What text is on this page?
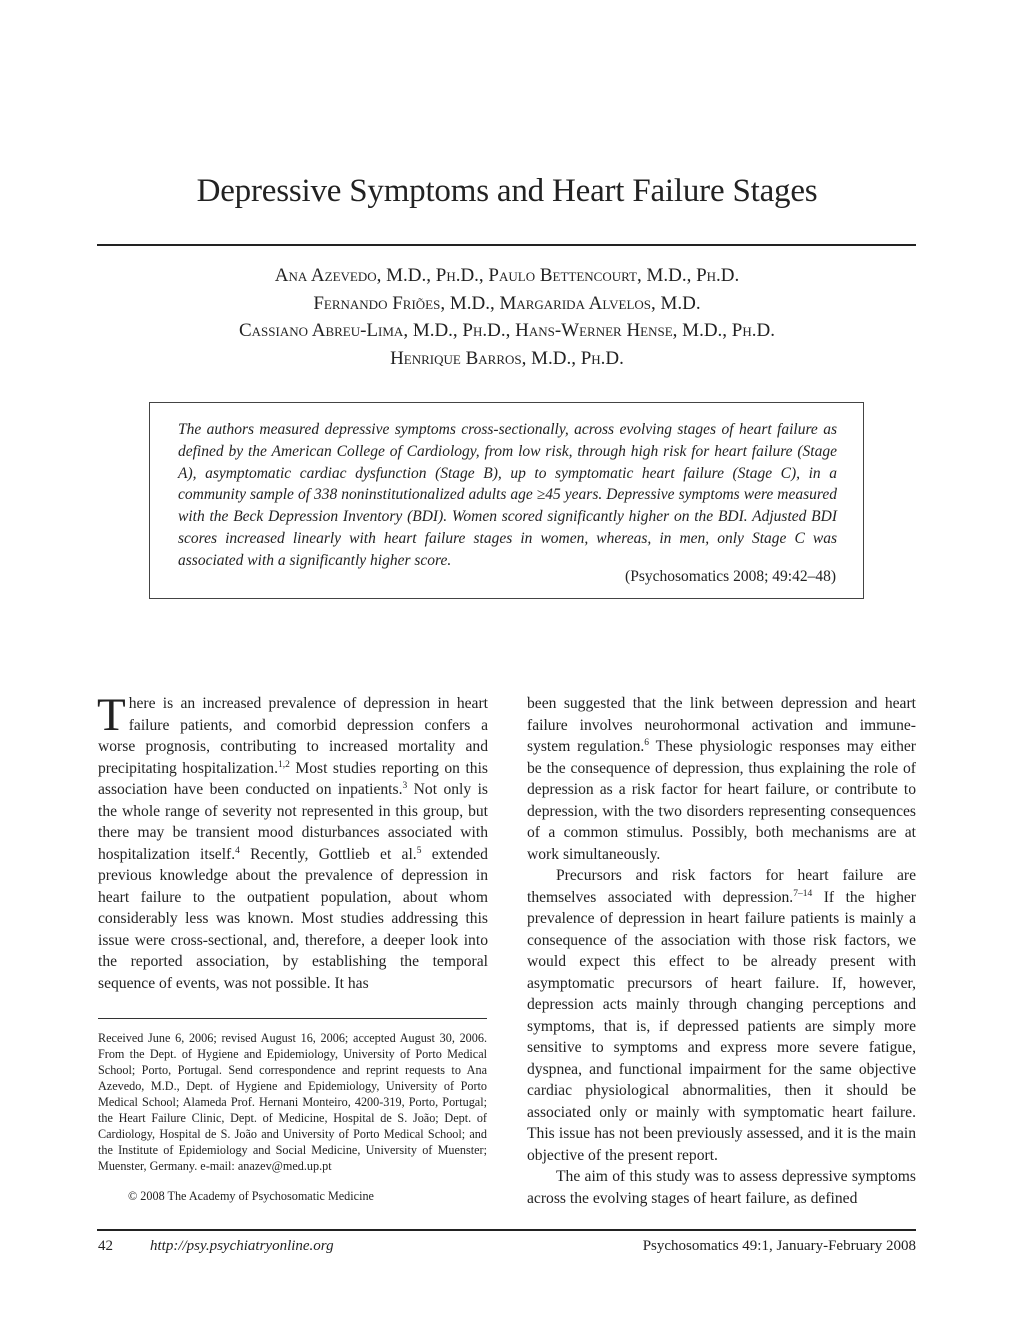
Depressive Symptoms and Heart Failure Stages
Ana Azevedo, M.D., Ph.D., Paulo Bettencourt, M.D., Ph.D.
Fernando Friões, M.D., Margarida Alvelos, M.D.
Cassiano Abreu-Lima, M.D., Ph.D., Hans-Werner Hense, M.D., Ph.D.
Henrique Barros, M.D., Ph.D.
The authors measured depressive symptoms cross-sectionally, across evolving stages of heart failure as defined by the American College of Cardiology, from low risk, through high risk for heart failure (Stage A), asymptomatic cardiac dysfunction (Stage B), up to symptomatic heart failure (Stage C), in a community sample of 338 noninstitutionalized adults age ≥45 years. Depressive symptoms were measured with the Beck Depression Inventory (BDI). Women scored significantly higher on the BDI. Adjusted BDI scores increased linearly with heart failure stages in women, whereas, in men, only Stage C was associated with a significantly higher score.
(Psychosomatics 2008; 49:42–48)

There is an increased prevalence of depression in heart failure patients, and comorbid depression confers a worse prognosis, contributing to increased mortality and precipitating hospitalization.$^{1,2}$ Most studies reporting on this association have been conducted on inpatients.$^3$ Not only is the whole range of severity not represented in this group, but there may be transient mood disturbances associated with hospitalization itself.$^4$ Recently, Gottlieb et al.$^5$ extended previous knowledge about the prevalence of depression in heart failure to the outpatient population, about whom considerably less was known. Most studies addressing this issue were cross-sectional, and, therefore, a deeper look into the reported association, by establishing the temporal sequence of events, was not possible. It has

been suggested that the link between depression and heart failure involves neurohormonal activation and immune-system regulation.$^6$ These physiologic responses may either be the consequence of depression, thus explaining the role of depression as a risk factor for heart failure, or contribute to depression, with the two disorders representing consequences of a common stimulus. Possibly, both mechanisms are at work simultaneously.

Precursors and risk factors for heart failure are themselves associated with depression.$^{7-14}$ If the higher prevalence of depression in heart failure patients is mainly a consequence of the association with those risk factors, we would expect this effect to be already present with asymptomatic precursors of heart failure. If, however, depression acts mainly through changing perceptions and symptoms, that is, if depressed patients are simply more sensitive to symptoms and express more severe fatigue, dyspnea, and functional impairment for the same objective cardiac physiological abnormalities, then it should be associated only or mainly with symptomatic heart failure. This issue has not been previously assessed, and it is the main objective of the present report.

The aim of this study was to assess depressive symptoms across the evolving stages of heart failure, as defined

Received June 6, 2006; revised August 16, 2006; accepted August 30, 2006. From the Dept. of Hygiene and Epidemiology, University of Porto Medical School; Porto, Portugal. Send correspondence and reprint requests to Ana Azevedo, M.D., Dept. of Hygiene and Epidemiology, University of Porto Medical School; Alameda Prof. Hernani Monteiro, 4200-319, Porto, Portugal; the Heart Failure Clinic, Dept. of Medicine, Hospital de S. João; Dept. of Cardiology, Hospital de S. João and University of Porto Medical School; and the Institute of Epidemiology and Social Medicine, University of Muenster; Muenster, Germany. e-mail: anazev@med.up.pt
© 2008 The Academy of Psychosomatic Medicine
42 http://psy.psychiatryonline.org	Psychosomatics 49:1, January-February 2008
